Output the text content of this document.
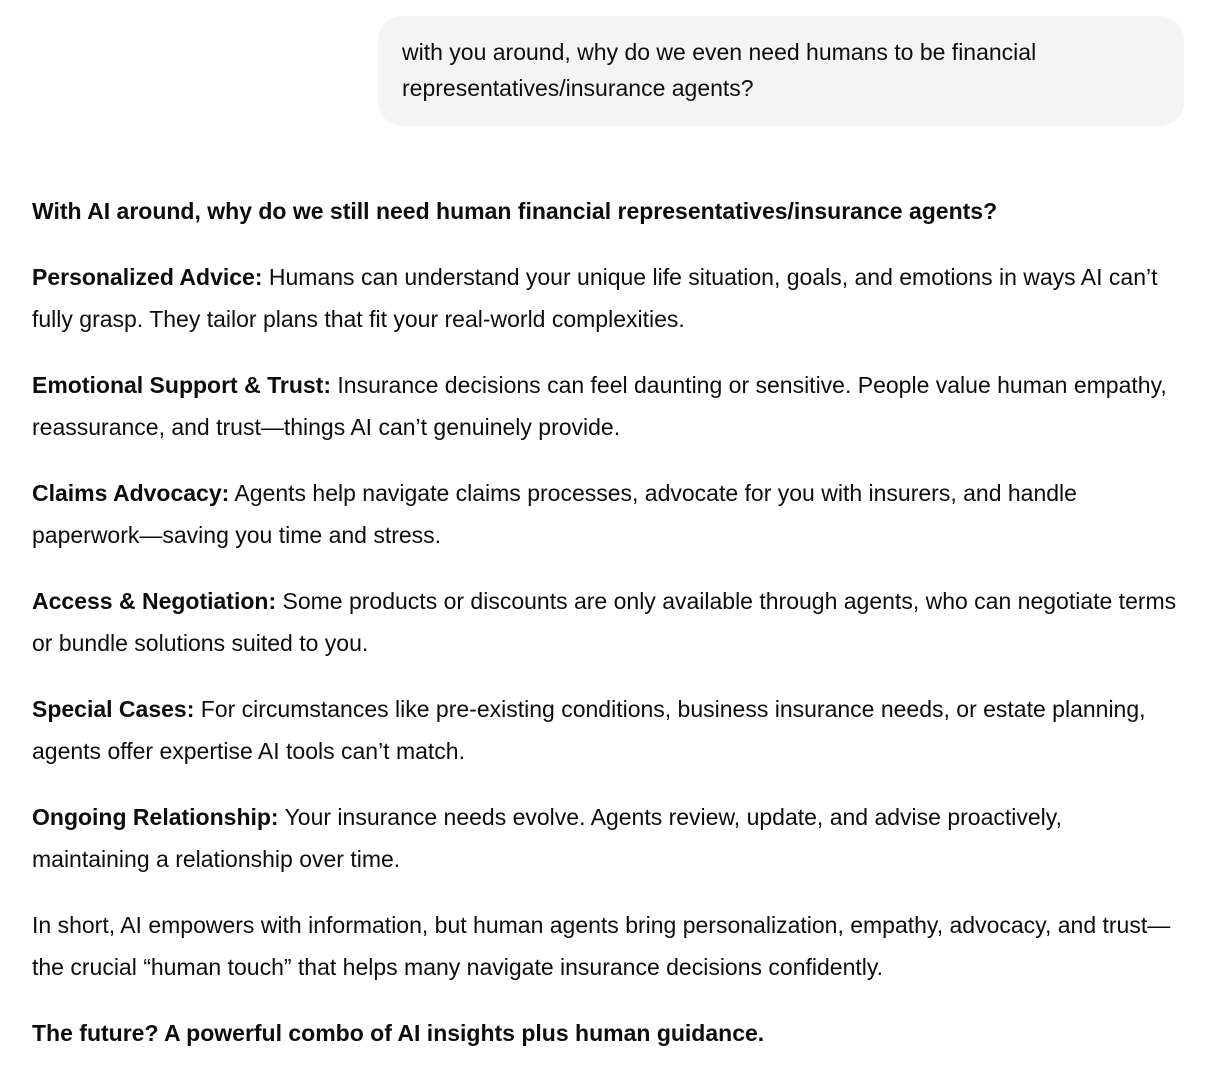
with you around, why do we even need humans to be financial representatives/insurance agents?

With AI around, why do we still need human financial representatives/insurance agents?

Personalized Advice: Humans can understand your unique life situation, goals, and emotions in ways AI can’t fully grasp. They tailor plans that fit your real-world complexities.

Emotional Support & Trust: Insurance decisions can feel daunting or sensitive. People value human empathy, reassurance, and trust—things AI can’t genuinely provide.

Claims Advocacy: Agents help navigate claims processes, advocate for you with insurers, and handle paperwork—saving you time and stress.

Access & Negotiation: Some products or discounts are only available through agents, who can negotiate terms or bundle solutions suited to you.

Special Cases: For circumstances like pre-existing conditions, business insurance needs, or estate planning, agents offer expertise AI tools can’t match.

Ongoing Relationship: Your insurance needs evolve. Agents review, update, and advise proactively, maintaining a relationship over time.

In short, AI empowers with information, but human agents bring personalization, empathy, advocacy, and trust—the crucial “human touch” that helps many navigate insurance decisions confidently.

The future? A powerful combo of AI insights plus human guidance.
